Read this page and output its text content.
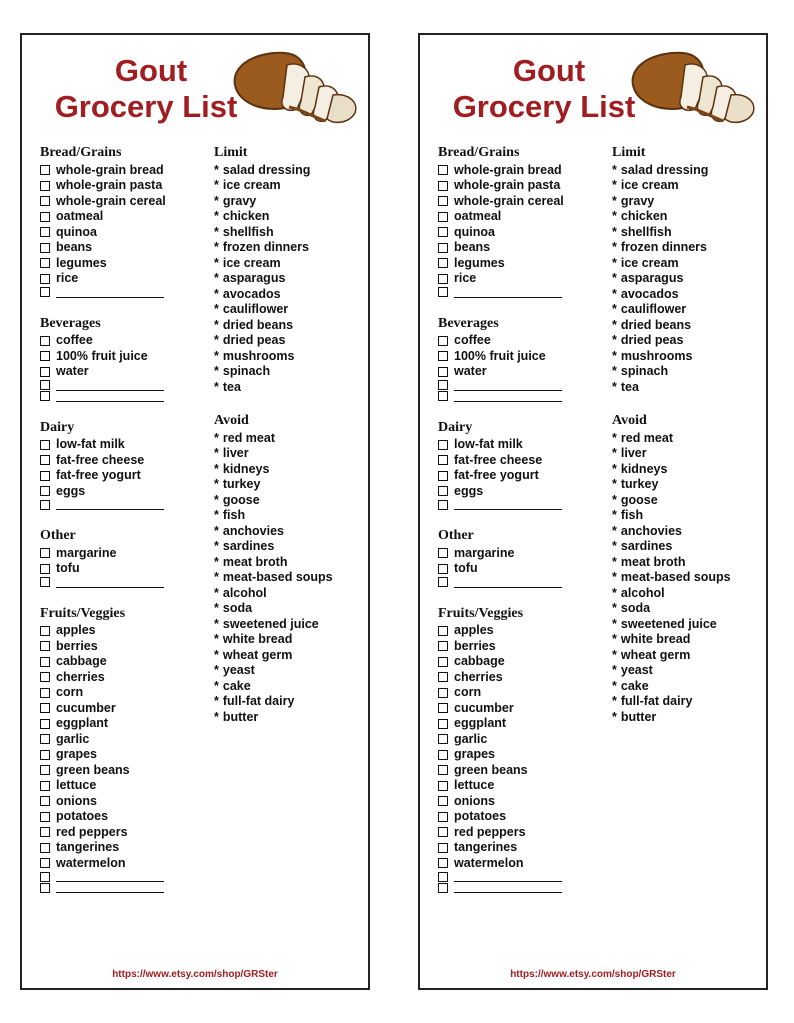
Gout
Grocery List
Bread/Grains
whole-grain bread
whole-grain pasta
whole-grain cereal
oatmeal
quinoa
beans
legumes
rice
Beverages
coffee
100% fruit juice
water
Dairy
low-fat milk
fat-free cheese
fat-free yogurt
eggs
Other
margarine
tofu
Fruits/Veggies
apples
berries
cabbage
cherries
corn
cucumber
eggplant
garlic
grapes
green beans
lettuce
onions
potatoes
red peppers
tangerines
watermelon
Limit
* salad dressing
* ice cream
* gravy
* chicken
* shellfish
* frozen dinners
* ice cream
* asparagus
* avocados
* cauliflower
* dried beans
* dried peas
* mushrooms
* spinach
* tea
Avoid
* red meat
* liver
* kidneys
* turkey
* goose
* fish
* anchovies
* sardines
* meat broth
* meat-based soups
* alcohol
* soda
* sweetened juice
* white bread
* wheat germ
* yeast
* cake
* full-fat dairy
* butter
https://www.etsy.com/shop/GRSter
Gout
Grocery List
Bread/Grains
whole-grain bread
whole-grain pasta
whole-grain cereal
oatmeal
quinoa
beans
legumes
rice
Beverages
coffee
100% fruit juice
water
Dairy
low-fat milk
fat-free cheese
fat-free yogurt
eggs
Other
margarine
tofu
Fruits/Veggies
apples
berries
cabbage
cherries
corn
cucumber
eggplant
garlic
grapes
green beans
lettuce
onions
potatoes
red peppers
tangerines
watermelon
Limit
* salad dressing
* ice cream
* gravy
* chicken
* shellfish
* frozen dinners
* ice cream
* asparagus
* avocados
* cauliflower
* dried beans
* dried peas
* mushrooms
* spinach
* tea
Avoid
* red meat
* liver
* kidneys
* turkey
* goose
* fish
* anchovies
* sardines
* meat broth
* meat-based soups
* alcohol
* soda
* sweetened juice
* white bread
* wheat germ
* yeast
* cake
* full-fat dairy
* butter
https://www.etsy.com/shop/GRSter
